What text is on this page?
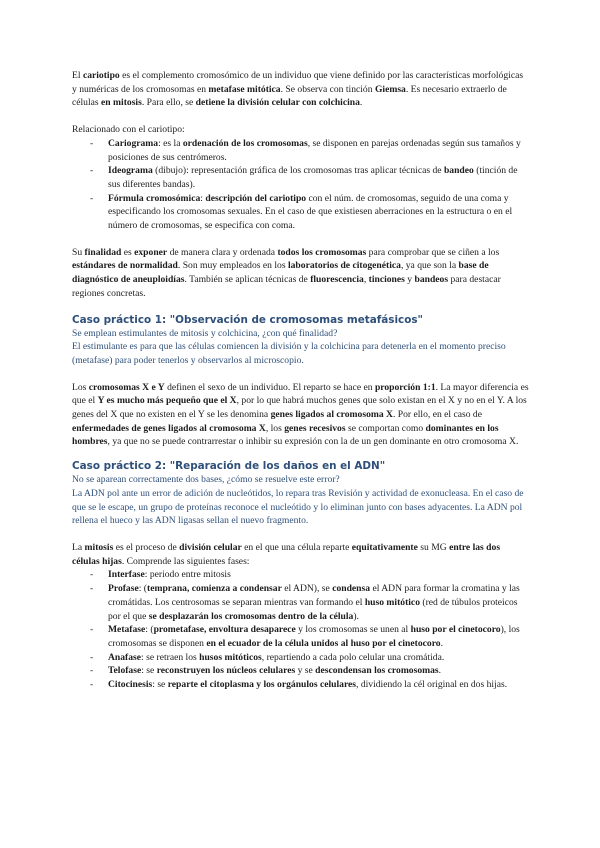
El cariotipo es el complemento cromosómico de un individuo que viene definido por las características morfológicas y numéricas de los cromosomas en metafase mitótica. Se observa con tinción Giemsa. Es necesario extraerlo de células en mitosis. Para ello, se detiene la división celular con colchicina.

Relacionado con el cariotipo:

- Cariograma: es la ordenación de los cromosomas, se disponen en parejas ordenadas según sus tamaños y posiciones de sus centrómeros.
- Ideograma (dibujo): representación gráfica de los cromosomas tras aplicar técnicas de bandeo (tinción de sus diferentes bandas).
- Fórmula cromosómica: descripción del cariotipo con el núm. de cromosomas, seguido de una coma y especificando los cromosomas sexuales. En el caso de que existiesen aberraciones en la estructura o en el número de cromosomas, se especifica con coma.

Su finalidad es exponer de manera clara y ordenada todos los cromosomas para comprobar que se ciñen a los estándares de normalidad. Son muy empleados en los laboratorios de citogenética, ya que son la base de diagnóstico de aneuploidías. También se aplican técnicas de fluorescencia, tinciones y bandeos para destacar regiones concretas.

Caso práctico 1: "Observación de cromosomas metafásicos"

Se emplean estimulantes de mitosis y colchicina, ¿con qué finalidad?

El estimulante es para que las células comiencen la división y la colchicina para detenerla en el momento preciso (metafase) para poder tenerlos y observarlos al microscopio.

Los cromosomas X e Y definen el sexo de un individuo. El reparto se hace en proporción 1:1. La mayor diferencia es que el Y es mucho más pequeño que el X, por lo que habrá muchos genes que solo existan en el X y no en el Y. A los genes del X que no existen en el Y se les denomina genes ligados al cromosoma X. Por ello, en el caso de enfermedades de genes ligados al cromosoma X, los genes recesivos se comportan como dominantes en los hombres, ya que no se puede contrarrestar o inhibir su expresión con la de un gen dominante en otro cromosoma X.

Caso práctico 2: "Reparación de los daños en el ADN"

No se aparean correctamente dos bases, ¿cómo se resuelve este error?

La ADN pol ante un error de adición de nucleótidos, lo repara tras Revisión y actividad de exonucleasa. En el caso de que se le escape, un grupo de proteínas reconoce el nucleótido y lo eliminan junto con bases adyacentes. La ADN pol rellena el hueco y las ADN ligasas sellan el nuevo fragmento.

La mitosis es el proceso de división celular en el que una célula reparte equitativamente su MG entre las dos células hijas. Comprende las siguientes fases:

- Interfase: periodo entre mitosis
- Profase: (temprana, comienza a condensar el ADN), se condensa el ADN para formar la cromatina y las cromátidas. Los centrosomas se separan mientras van formando el huso mitótico (red de túbulos proteicos por el que se desplazarán los cromosomas dentro de la célula).
- Metafase: (prometafase, envoltura desaparece y los cromosomas se unen al huso por el cinetocoro), los cromosomas se disponen en el ecuador de la célula unidos al huso por el cinetocoro.
- Anafase: se retraen los husos mitóticos, repartiendo a cada polo celular una cromátida.
- Telofase: se reconstruyen los núcleos celulares y se descondensan los cromosomas.
- Citocinesis: se reparte el citoplasma y los orgánulos celulares, dividiendo la cél original en dos hijas.
